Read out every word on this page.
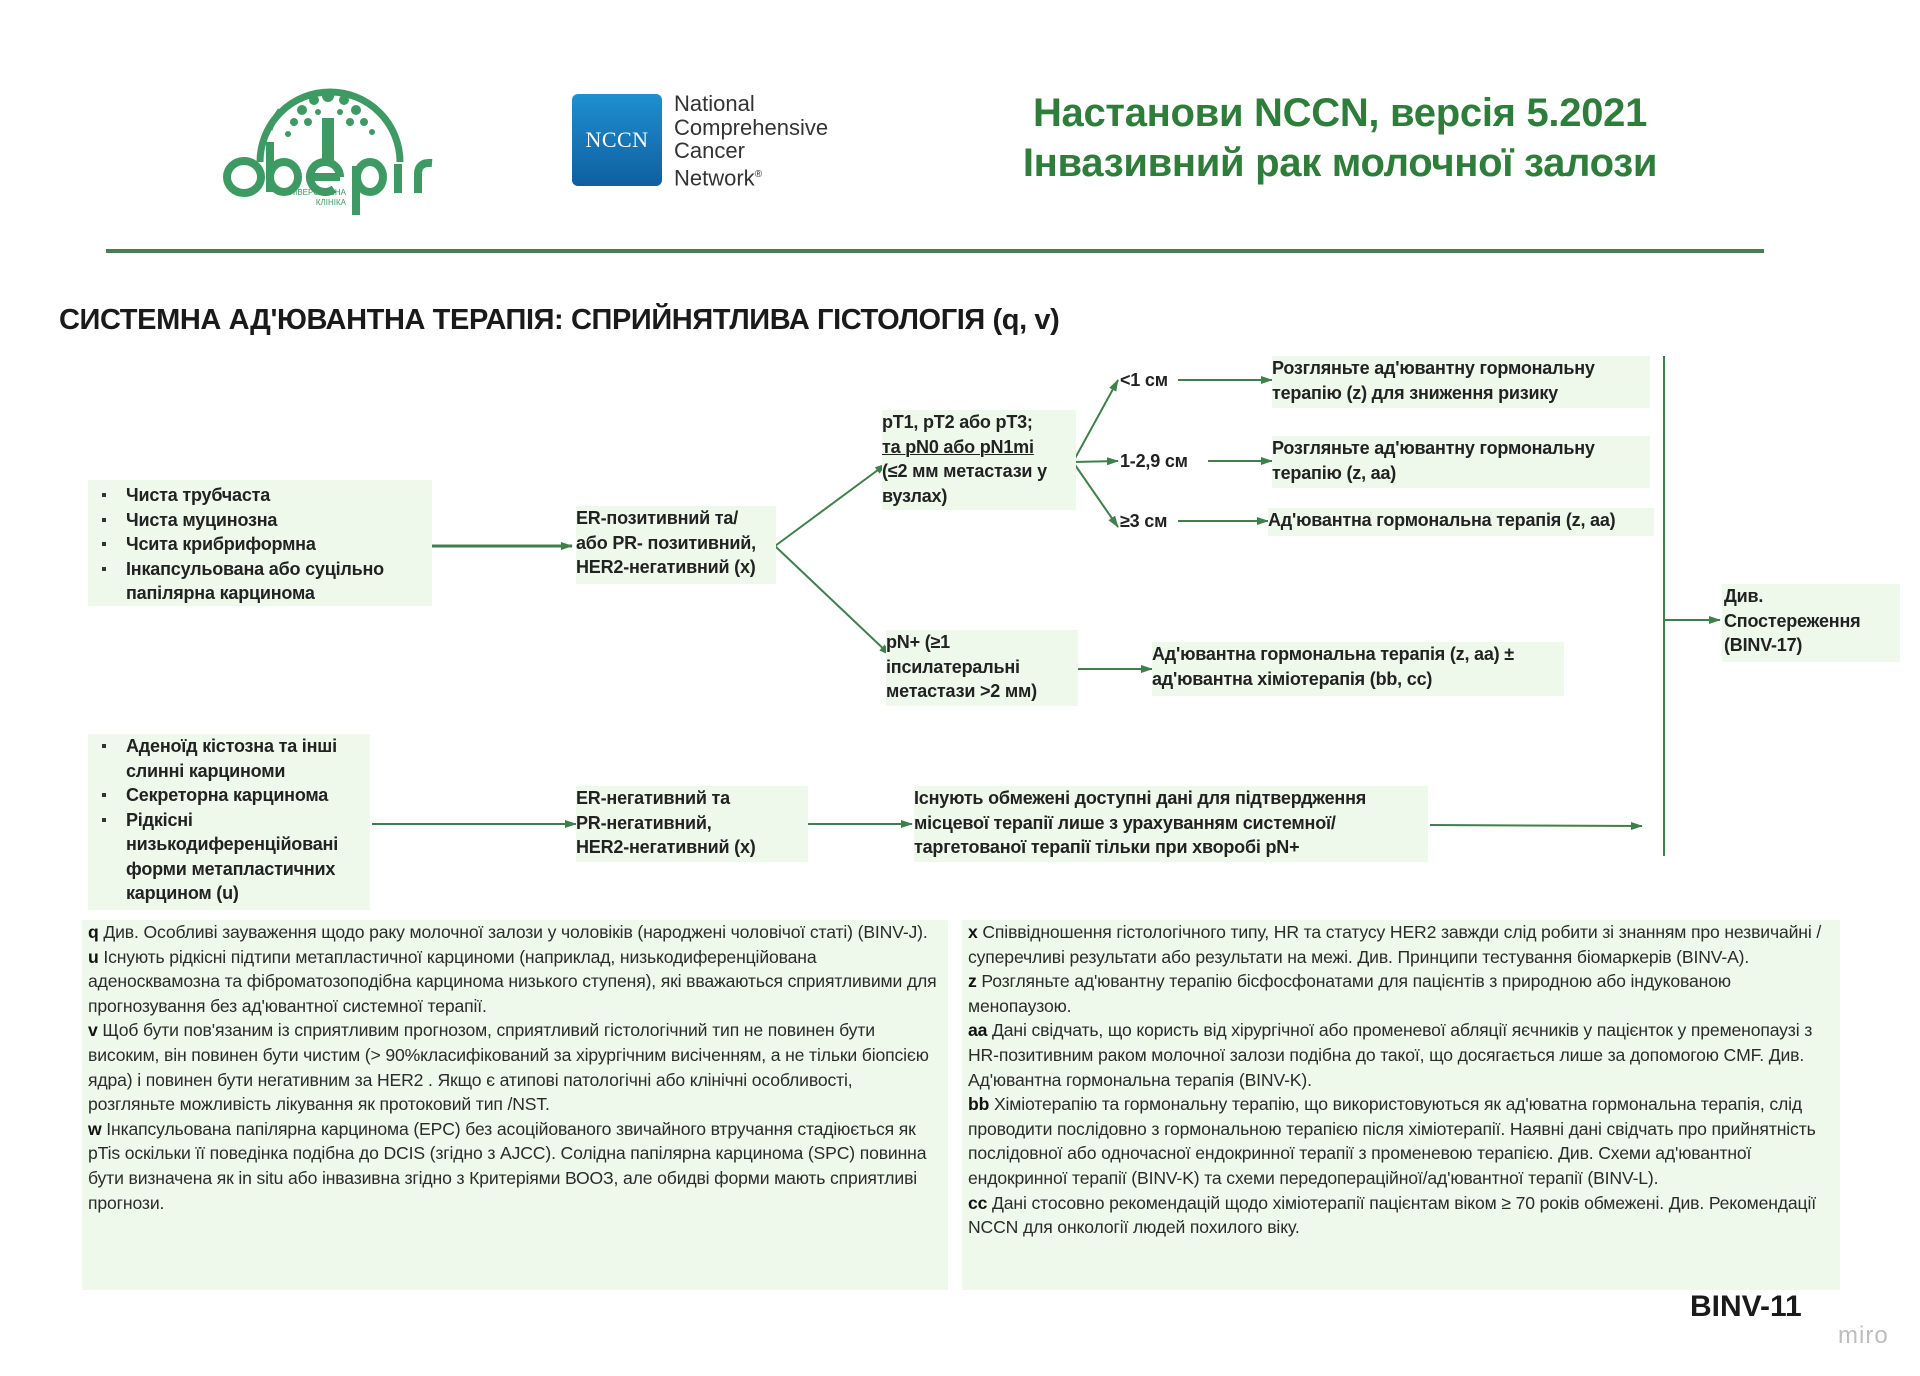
УНІВЕРСАЛЬНА
КЛІНІКА
NCCN
National
Comprehensive
Cancer
Network®
Настанови NCCN, версія 5.2021
Інвазивний рак молочної залози
СИСТЕМНА АД'ЮВАНТНА ТЕРАПІЯ: СПРИЙНЯТЛИВА ГІСТОЛОГІЯ (q, v)
Чиста трубчаста
Чиста муцинозна
Чсита крибриформна
Інкапсульована або суцільно папілярна карцинома
ER-позитивний та/
або PR- позитивний,
HER2-негативний (x)
pT1, pT2 або pT3;
та pN0 або pN1mi
(≤2 мм метастази у
вузлах)
<1 см
1-2,9 см
≥3 см
Розгляньте ад'ювантну гормональну
терапію (z) для зниження ризику
Розгляньте ад'ювантну гормональну
терапію (z, aa)
Ад'ювантна гормональна терапія (z, aa)
pN+ (≥1
іпсилатеральні
метастази >2 мм)
Ад'ювантна гормональна терапія (z, aa) ±
ад'ювантна хіміотерапія (bb, cc)
Див.
Спостереження
(BINV-17)
Аденоїд кістозна та інші
слинні карциноми
Секреторна карцинома
Рідкісні
низькодиференційовані
форми метапластичних
карцином (u)
ER-негативний та
PR-негативний,
HER2-негативний (x)
Існують обмежені доступні дані для підтвердження
місцевої терапії лише з урахуванням системної/
таргетованої терапії тільки при хворобі pN+

q Див. Особливі зауваження щодо раку молочної залози у чоловіків (народжені чоловічої статі) (BINV-J).

u Існують рідкісні підтипи метапластичної карциноми (наприклад, низькодиференційована аденосквамозна та фіброматозоподібна карцинома низького ступеня), які вважаються сприятливими для прогнозування без ад'ювантної системної терапії.

v Щоб бути пов'язаним із сприятливим прогнозом, сприятливий гістологічний тип не повинен бути високим, він повинен бути чистим (> 90%класифікований за хірургічним висіченням, а не тільки біопсією ядра) і повинен бути негативним за HER2 . Якщо є атипові патологічні або клінічні особливості, розгляньте можливість лікування як протоковий тип /NST.

w Інкапсульована папілярна карцинома (EPC) без асоційованого звичайного втручання стадіюється як pTis оскільки її поведінка подібна до DCIS (згідно з AJCC). Солідна папілярна карцинома (SPC) повинна бути визначена як in situ або інвазивна згідно з Критеріями ВООЗ, але обидві форми мають сприятливі прогнози.

x Співвідношення гістологічного типу, HR та статусу HER2 завжди слід робити зі знанням про незвичайні /суперечливі результати або результати на межі. Див. Принципи тестування біомаркерів (BINV-A).

z Розгляньте ад'ювантну терапію бісфосфонатами для пацієнтів з природною або індукованою менопаузою.

aa Дані свідчать, що користь від хірургічної або променевої абляції яєчників у пацієнток у пременопаузі з HR-позитивним раком молочної залози подібна до такої, що досягається лише за допомогою CMF. Див. Ад'ювантна гормональна терапія (BINV-K).

bb Хіміотерапію та гормональну терапію, що використовуються як ад'юватна гормональна терапія, слід проводити послідовно з гормональною терапією після хіміотерапії. Наявні дані свідчать про прийнятність послідовної або одночасної ендокринної терапії з променевою терапією. Див. Схеми ад'ювантної ендокринної терапії (BINV-K) та схеми передопераційної/ад'ювантної терапії (BINV-L).

cc Дані стосовно рекомендацій щодо хіміотерапії пацієнтам віком ≥ 70 років обмежені. Див. Рекомендації NCCN для онкології людей похилого віку.

BINV-11
miro
